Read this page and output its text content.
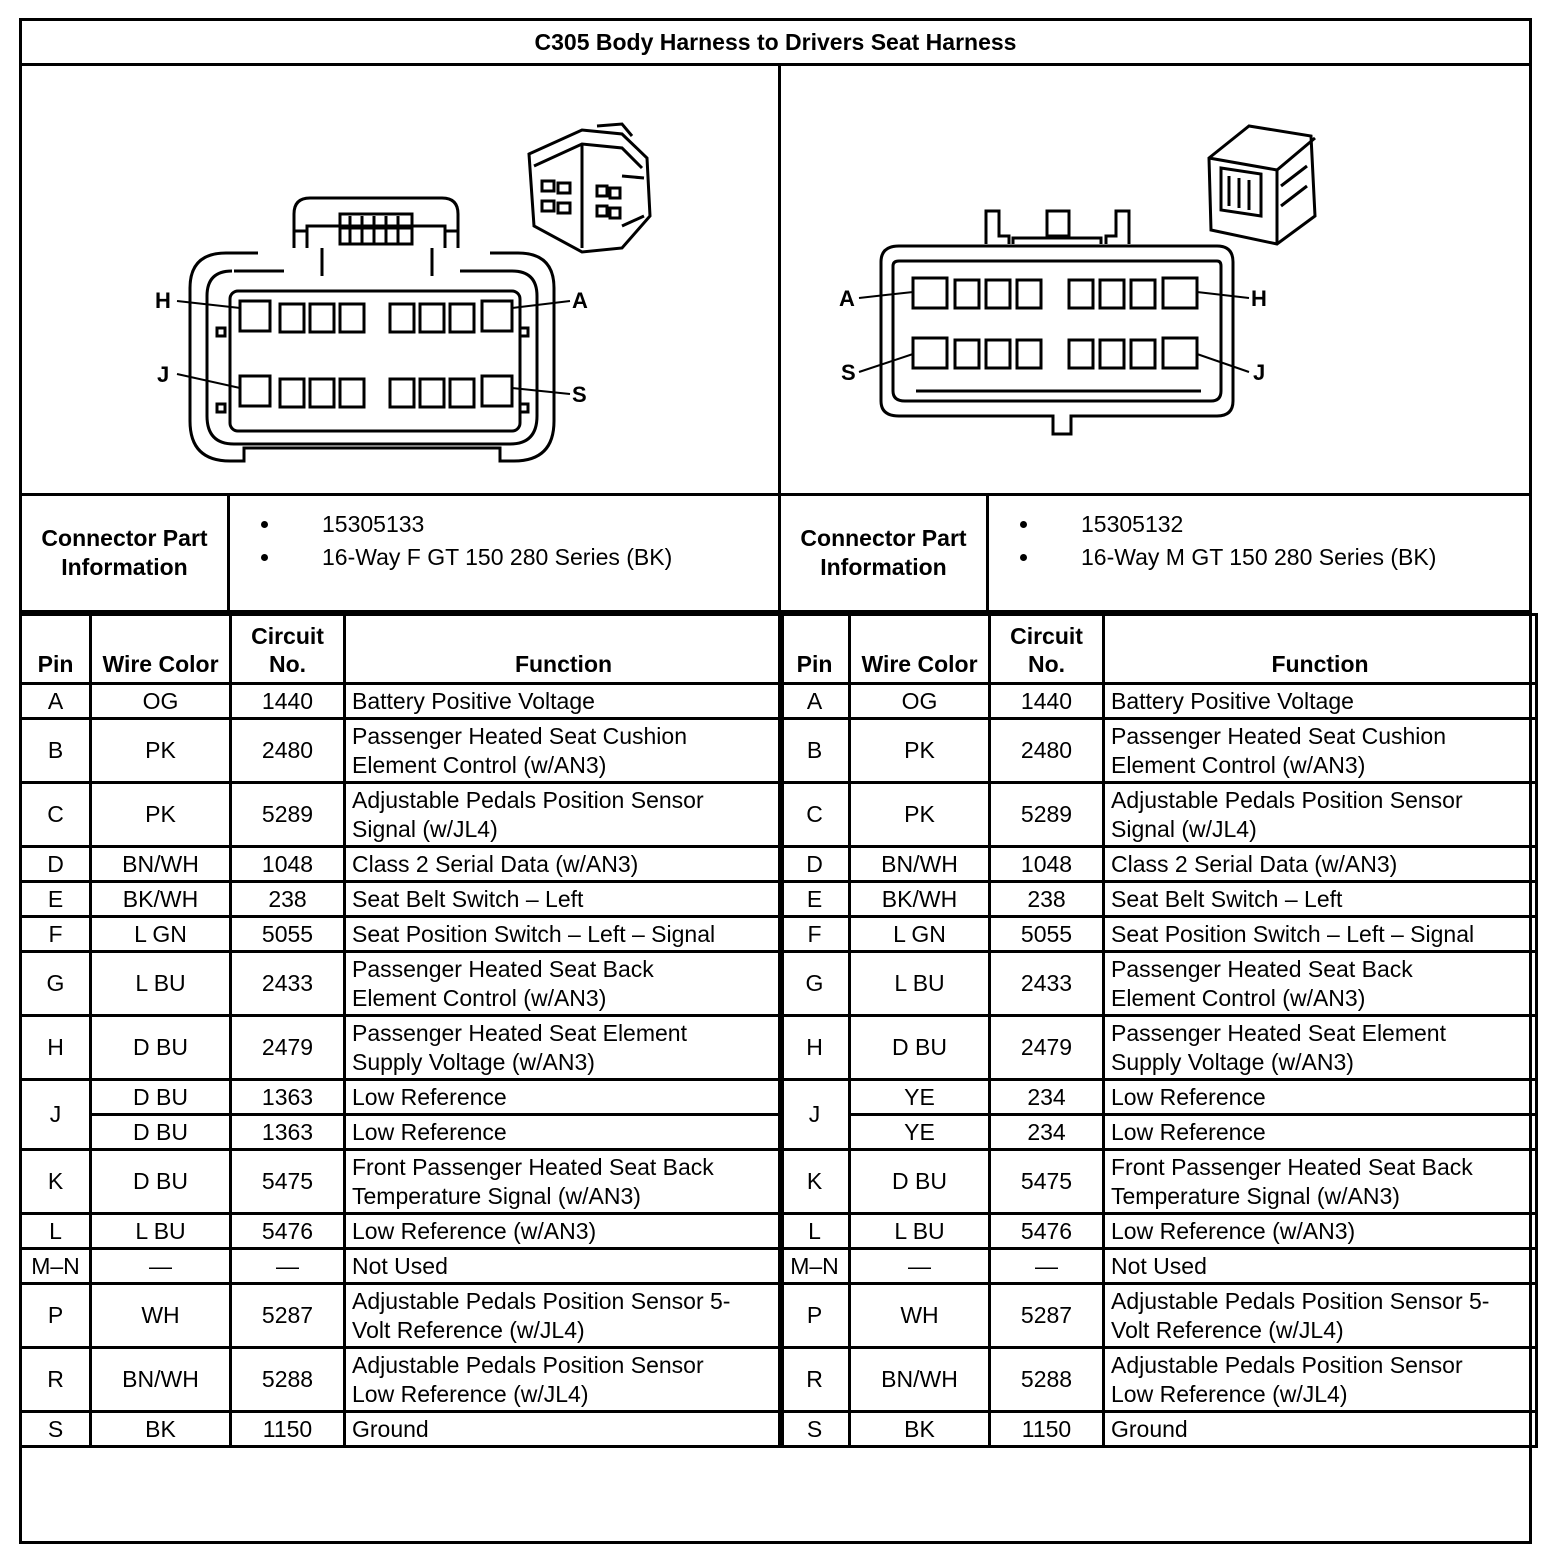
C305 Body Harness to Drivers Seat Harness
H	A
J
S
A	H
S	J
Connector Part
Information
• 15305133
• 16-Way F GT 150 280 Series (BK)
Connector Part
Information
• 15305132
• 16-Way M GT 150 280 Series (BK)
Pin	Wire Color	Circuit
No.	Function
A	OG	1440	Battery Positive Voltage
B	PK	2480	Passenger Heated Seat Cushion
Element Control (w/AN3)
C	PK	5289	Adjustable Pedals Position Sensor
Signal (w/JL4)
D	BN/WH	1048	Class 2 Serial Data (w/AN3)
E	BK/WH	238	Seat Belt Switch – Left
F	L GN	5055	Seat Position Switch – Left – Signal
G	L BU	2433	Passenger Heated Seat Back
Element Control (w/AN3)
H	D BU	2479	Passenger Heated Seat Element
Supply Voltage (w/AN3)
J	D BU	1363	Low Reference
	D BU	1363	Low Reference
K	D BU	5475	Front Passenger Heated Seat Back
Temperature Signal (w/AN3)
L	L BU	5476	Low Reference (w/AN3)
M–N	—	—	Not Used
P	WH	5287	Adjustable Pedals Position Sensor 5-
Volt Reference (w/JL4)
R	BN/WH	5288	Adjustable Pedals Position Sensor
Low Reference (w/JL4)
S	BK	1150	Ground
Pin	Wire Color	Circuit
No.	Function
A	OG	1440	Battery Positive Voltage
B	PK	2480	Passenger Heated Seat Cushion
Element Control (w/AN3)
C	PK	5289	Adjustable Pedals Position Sensor
Signal (w/JL4)
D	BN/WH	1048	Class 2 Serial Data (w/AN3)
E	BK/WH	238	Seat Belt Switch – Left
F	L GN	5055	Seat Position Switch – Left – Signal
G	L BU	2433	Passenger Heated Seat Back
Element Control (w/AN3)
H	D BU	2479	Passenger Heated Seat Element
Supply Voltage (w/AN3)
J	YE	234	Low Reference
	YE	234	Low Reference
K	D BU	5475	Front Passenger Heated Seat Back
Temperature Signal (w/AN3)
L	L BU	5476	Low Reference (w/AN3)
M–N	—	—	Not Used
P	WH	5287	Adjustable Pedals Position Sensor 5-
Volt Reference (w/JL4)
R	BN/WH	5288	Adjustable Pedals Position Sensor
Low Reference (w/JL4)
S	BK	1150	Ground
